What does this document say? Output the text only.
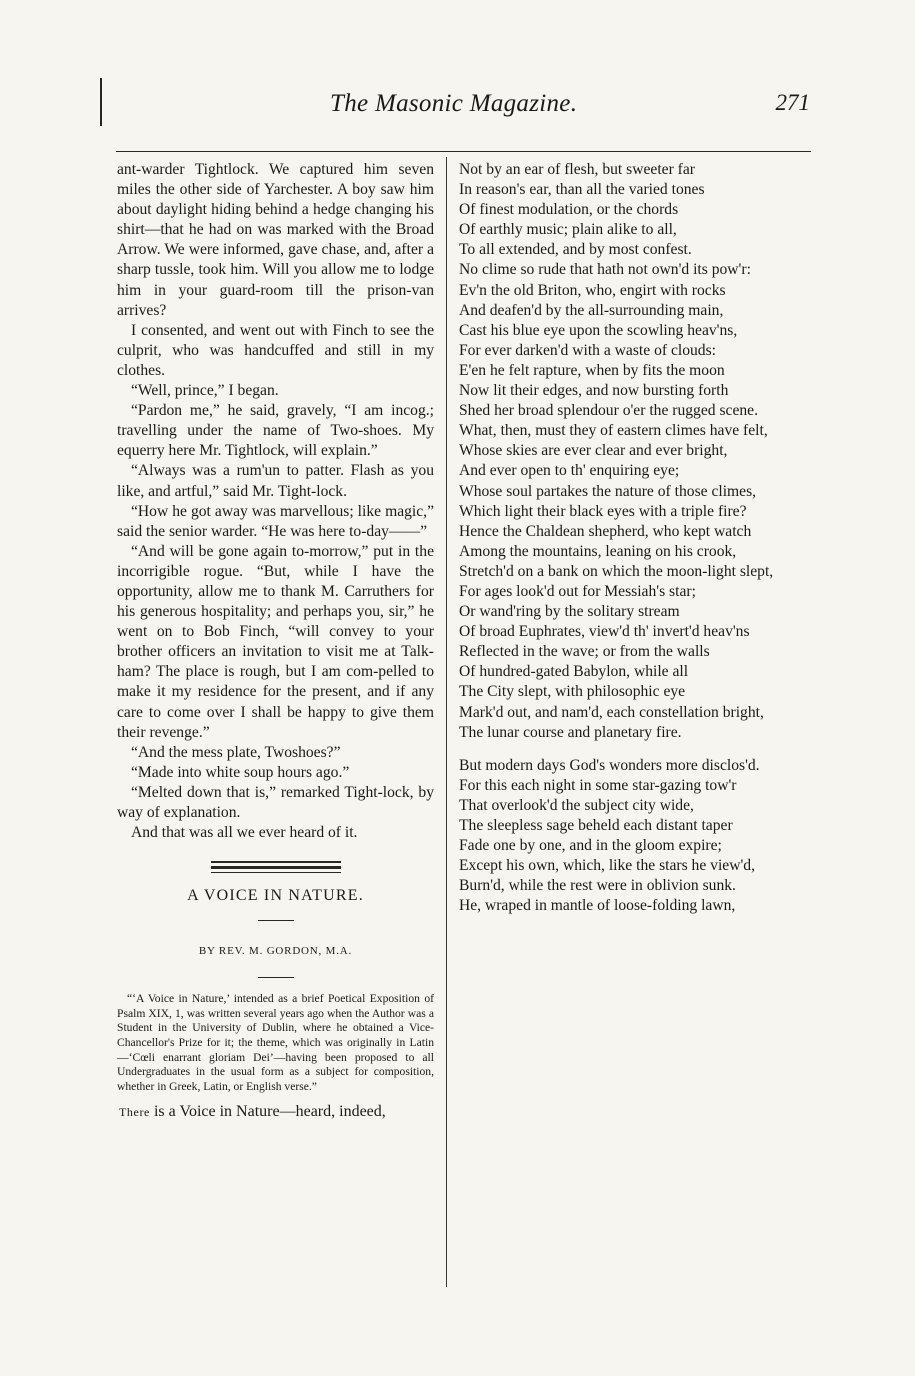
The Masonic Magazine.	271

ant-warder Tightlock. We captured him seven miles the other side of Yarchester. A boy saw him about daylight hiding behind a hedge changing his shirt—that he had on was marked with the Broad Arrow. We were informed, gave chase, and, after a sharp tussle, took him. Will you allow me to lodge him in your guard-room till the prison-van arrives?

I consented, and went out with Finch to see the culprit, who was handcuffed and still in my clothes.

“Well, prince,” I began.

“Pardon me,” he said, gravely, “I am incog.; travelling under the name of Two-shoes. My equerry here Mr. Tightlock, will explain.”

“Always was a rum'un to patter. Flash as you like, and artful,” said Mr. Tight-lock.

“How he got away was marvellous; like magic,” said the senior warder. “He was here to-day——”

“And will be gone again to-morrow,” put in the incorrigible rogue. “But, while I have the opportunity, allow me to thank M. Carruthers for his generous hospitality; and perhaps you, sir,” he went on to Bob Finch, “will convey to your brother officers an invitation to visit me at Talk-ham? The place is rough, but I am com-pelled to make it my residence for the present, and if any care to come over I shall be happy to give them their revenge.”

“And the mess plate, Twoshoes?”

“Made into white soup hours ago.”

“Melted down that is,” remarked Tight-lock, by way of explanation.

And that was all we ever heard of it.

A VOICE IN NATURE.

BY REV. M. GORDON, M.A.

“‘A Voice in Nature,’ intended as a brief Poetical Exposition of Psalm XIX, 1, was written several years ago when the Author was a Student in the University of Dublin, where he obtained a Vice-Chancellor's Prize for it; the theme, which was originally in Latin—‘Cœli enarrant gloriam Dei’—having been proposed to all Undergraduates in the usual form as a subject for composition, whether in Greek, Latin, or English verse.”

There is a Voice in Nature—heard, indeed,

Not by an ear of flesh, but sweeter far

In reason's ear, than all the varied tones

Of finest modulation, or the chords

Of earthly music; plain alike to all,

To all extended, and by most confest.

No clime so rude that hath not own'd its pow'r:

Ev'n the old Briton, who, engirt with rocks

And deafen'd by the all-surrounding main,

Cast his blue eye upon the scowling heav'ns,

For ever darken'd with a waste of clouds:

E'en he felt rapture, when by fits the moon

Now lit their edges, and now bursting forth

Shed her broad splendour o'er the rugged scene.

What, then, must they of eastern climes have felt,

Whose skies are ever clear and ever bright,

And ever open to th' enquiring eye;

Whose soul partakes the nature of those climes,

Which light their black eyes with a triple fire?

Hence the Chaldean shepherd, who kept watch

Among the mountains, leaning on his crook,

Stretch'd on a bank on which the moon-light slept,

For ages look'd out for Messiah's star;

Or wand'ring by the solitary stream

Of broad Euphrates, view'd th' invert'd heav'ns

Reflected in the wave; or from the walls

Of hundred-gated Babylon, while all

The City slept, with philosophic eye

Mark'd out, and nam'd, each constellation bright,

The lunar course and planetary fire.

But modern days God's wonders more disclos'd.

For this each night in some star-gazing tow'r

That overlook'd the subject city wide,

The sleepless sage beheld each distant taper

Fade one by one, and in the gloom expire;

Except his own, which, like the stars he view'd,

Burn'd, while the rest were in oblivion sunk.

He, wraped in mantle of loose-folding lawn,
